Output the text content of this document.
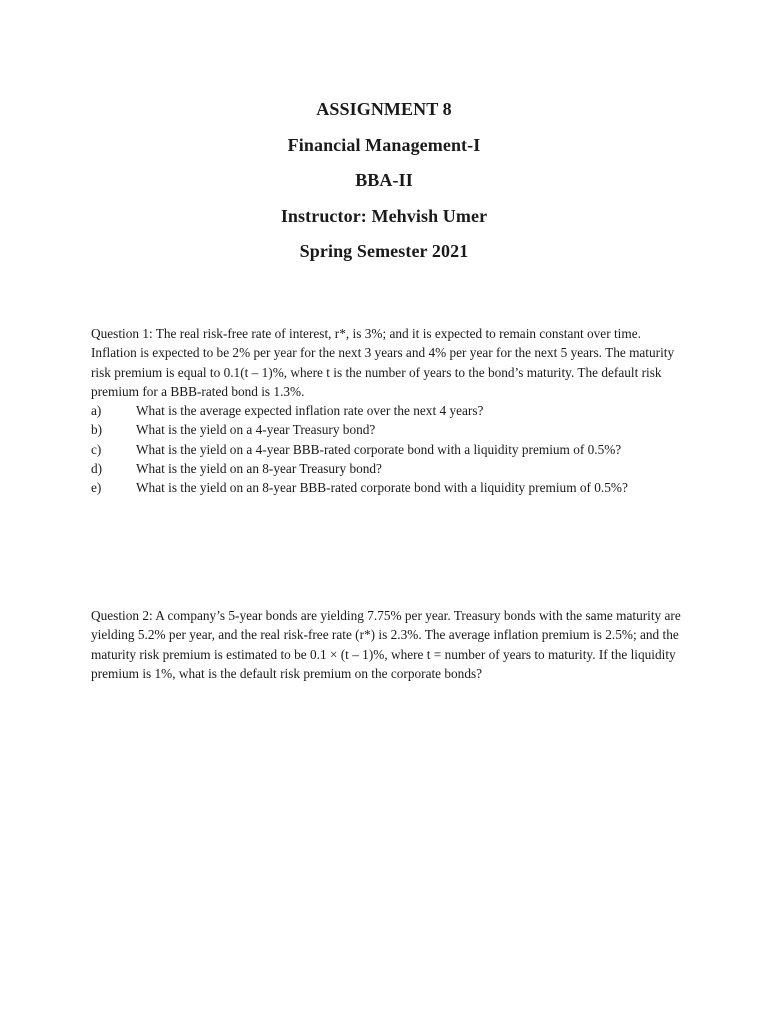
ASSIGNMENT 8
Financial Management-I
BBA-II
Instructor: Mehvish Umer
Spring Semester 2021

Question 1: The real risk-free rate of interest, r*, is 3%; and it is expected to remain constant over time. Inflation is expected to be 2% per year for the next 3 years and 4% per year for the next 5 years. The maturity risk premium is equal to 0.1(t – 1)%, where t is the number of years to the bond’s maturity. The default risk premium for a BBB-rated bond is 1.3%.

a)	What is the average expected inflation rate over the next 4 years?
b)	What is the yield on a 4-year Treasury bond?
c)	What is the yield on a 4-year BBB-rated corporate bond with a liquidity premium of 0.5%?
d)	What is the yield on an 8-year Treasury bond?
e)	What is the yield on an 8-year BBB-rated corporate bond with a liquidity premium of 0.5%?

Question 2: A company’s 5-year bonds are yielding 7.75% per year. Treasury bonds with the same maturity are yielding 5.2% per year, and the real risk-free rate (r*) is 2.3%. The average inflation premium is 2.5%; and the maturity risk premium is estimated to be 0.1 × (t – 1)%, where t = number of years to maturity. If the liquidity premium is 1%, what is the default risk premium on the corporate bonds?
